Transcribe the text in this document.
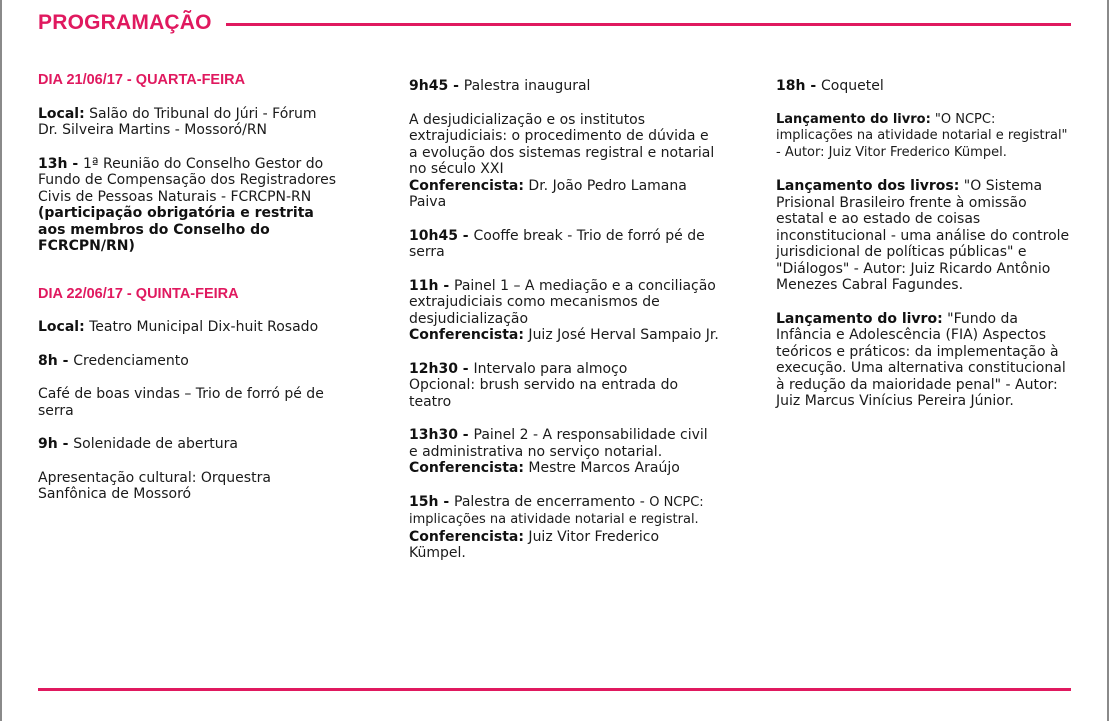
PROGRAMAÇÃO

DIA 21/06/17 - QUARTA-FEIRA

Local: Salão do Tribunal do Júri - Fórum Dr. Silveira Martins - Mossoró/RN

13h - 1ª Reunião do Conselho Gestor do Fundo de Compensação dos Registradores Civis de Pessoas Naturais - FCRCPN-RN (participação obrigatória e restrita aos membros do Conselho do FCRCPN/RN)

DIA 22/06/17 - QUINTA-FEIRA

Local: Teatro Municipal Dix-huit Rosado

8h - Credenciamento

Café de boas vindas – Trio de forró pé de serra

9h - Solenidade de abertura

Apresentação cultural: Orquestra Sanfônica de Mossoró

9h45 - Palestra inaugural

A desjudicialização e os institutos extrajudiciais: o procedimento de dúvida e a evolução dos sistemas registral e notarial no século XXI

Conferencista: Dr. João Pedro Lamana Paiva

10h45 - Cooffe break - Trio de forró pé de serra

11h - Painel 1 – A mediação e a conciliação extrajudiciais como mecanismos de desjudicialização

Conferencista: Juiz José Herval Sampaio Jr.

12h30 - Intervalo para almoço

Opcional: brush servido na entrada do teatro

13h30 - Painel 2 - A responsabilidade civil e administrativa no serviço notarial.

Conferencista: Mestre Marcos Araújo

15h - Palestra de encerramento - O NCPC: implicações na atividade notarial e registral.

Conferencista: Juiz Vitor Frederico Kümpel.

18h - Coquetel

Lançamento do livro: "O NCPC: implicações na atividade notarial e registral" - Autor: Juiz Vitor Frederico Kümpel.

Lançamento dos livros: "O Sistema Prisional Brasileiro frente à omissão estatal e ao estado de coisas inconstitucional - uma análise do controle jurisdicional de políticas públicas" e "Diálogos" - Autor: Juiz Ricardo Antônio Menezes Cabral Fagundes.

Lançamento do livro: "Fundo da Infância e Adolescência (FIA) Aspectos teóricos e práticos: da implementação à execução. Uma alternativa constitucional à redução da maioridade penal" - Autor: Juiz Marcus Vinícius Pereira Júnior.
